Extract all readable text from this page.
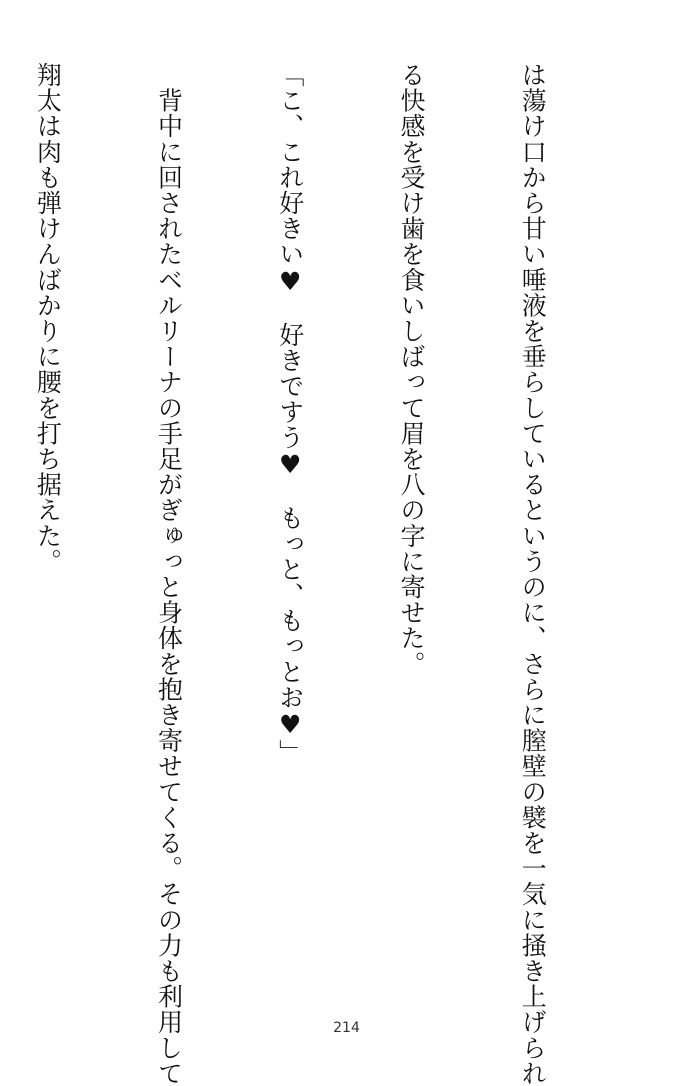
は蕩け口から甘い唾液を垂らしているというのに、さらに膣壁の襞を一気に掻き上げられ

る快感を受け歯を食いしばって眉を八の字に寄せた。

「こ、これ好きい♥　好きですう♥　もっと、もっとお♥」

　背中に回されたベルリーナの手足がぎゅっと身体を抱き寄せてくる。その力も利用して

翔太は肉も弾けんばかりに腰を打ち据えた。

214
